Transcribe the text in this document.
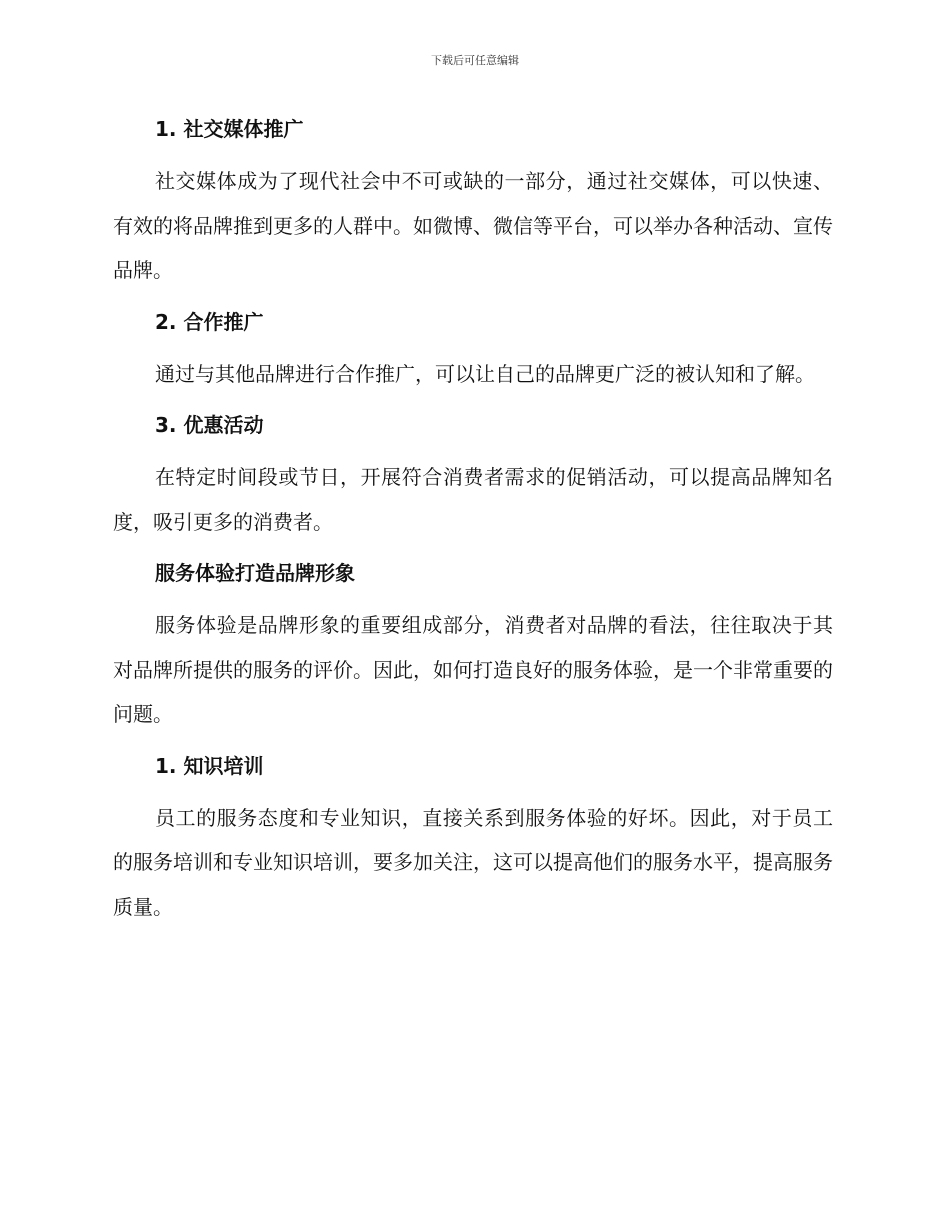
下载后可任意编辑
1. 社交媒体推广

社交媒体成为了现代社会中不可或缺的一部分，通过社交媒体，可以快速、有效的将品牌推到更多的人群中。如微博、微信等平台，可以举办各种活动、宣传品牌。

2. 合作推广

通过与其他品牌进行合作推广，可以让自己的品牌更广泛的被认知和了解。

3. 优惠活动

在特定时间段或节日，开展符合消费者需求的促销活动，可以提高品牌知名度，吸引更多的消费者。

服务体验打造品牌形象

服务体验是品牌形象的重要组成部分，消费者对品牌的看法，往往取决于其对品牌所提供的服务的评价。因此，如何打造良好的服务体验，是一个非常重要的问题。

1. 知识培训

员工的服务态度和专业知识，直接关系到服务体验的好坏。因此，对于员工的服务培训和专业知识培训，要多加关注，这可以提高他们的服务水平，提高服务质量。
